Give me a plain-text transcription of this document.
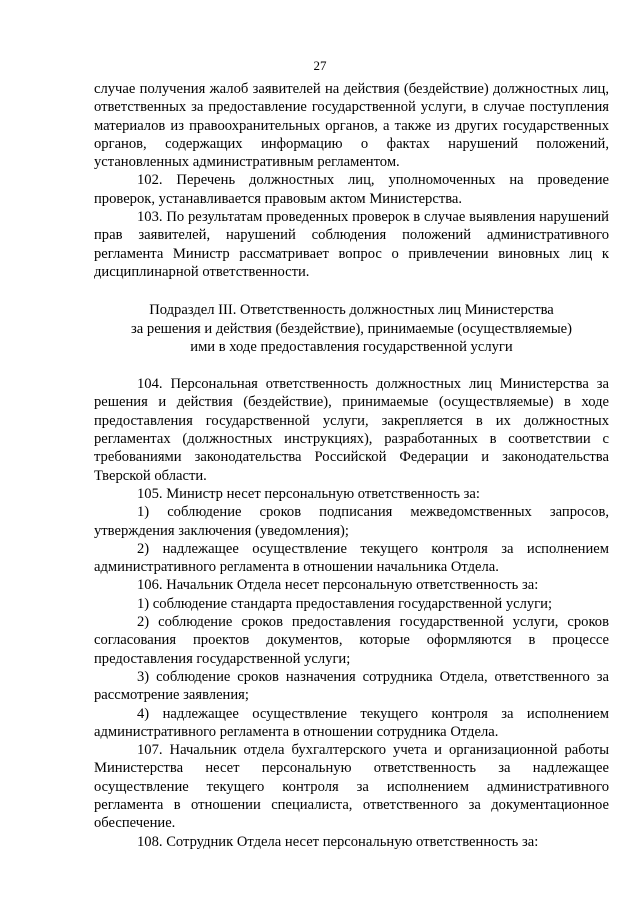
27

случае получения жалоб заявителей на действия (бездействие) должностных лиц, ответственных за предоставление государственной услуги, в случае поступления материалов из правоохранительных органов, а также из других государственных органов, содержащих информацию о фактах нарушений положений, установленных административным регламентом.

102. Перечень должностных лиц, уполномоченных на проведение проверок, устанавливается правовым актом Министерства.

103. По результатам проведенных проверок в случае выявления нарушений прав заявителей, нарушений соблюдения положений административного регламента Министр рассматривает вопрос о привлечении виновных лиц к дисциплинарной ответственности.

Подраздел III. Ответственность должностных лиц Министерства
за решения и действия (бездействие), принимаемые (осуществляемые)
ими в ходе предоставления государственной услуги

104. Персональная ответственность должностных лиц Министерства за решения и действия (бездействие), принимаемые (осуществляемые) в ходе предоставления государственной услуги, закрепляется в их должностных регламентах (должностных инструкциях), разработанных в соответствии с требованиями законодательства Российской Федерации и законодательства Тверской области.

105. Министр несет персональную ответственность за:

1) соблюдение сроков подписания межведомственных запросов, утверждения заключения (уведомления);

2) надлежащее осуществление текущего контроля за исполнением административного регламента в отношении начальника Отдела.

106. Начальник Отдела несет персональную ответственность за:

1) соблюдение стандарта предоставления государственной услуги;

2) соблюдение сроков предоставления государственной услуги, сроков согласования проектов документов, которые оформляются в процессе предоставления государственной услуги;

3) соблюдение сроков назначения сотрудника Отдела, ответственного за рассмотрение заявления;

4) надлежащее осуществление текущего контроля за исполнением административного регламента в отношении сотрудника Отдела.

107. Начальник отдела бухгалтерского учета и организационной работы Министерства несет персональную ответственность за надлежащее осуществление текущего контроля за исполнением административного регламента в отношении специалиста, ответственного за документационное обеспечение.

108. Сотрудник Отдела несет персональную ответственность за:
